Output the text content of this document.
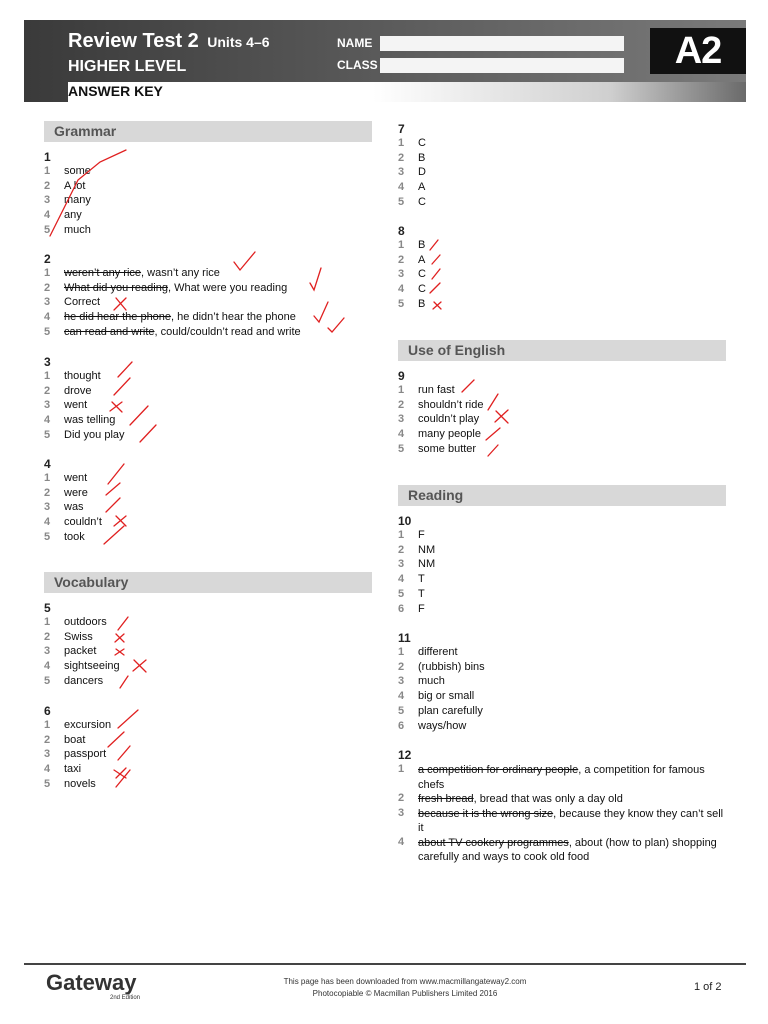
Review Test 2 Units 4–6
HIGHER LEVEL
NAME
CLASS	A2
ANSWER KEY
Grammar
Vocabulary
Use of English
Reading
1
1 some
2 A lot
3 many
4 any
5 much
2
1 weren’t any rice, wasn’t any rice
2 What did you reading, What were you reading
3 Correct
4 he did hear the phone, he didn’t hear the phone
5 can read and write, could/couldn’t read and write
3
1 thought
2 drove
3 went
4 was telling
5 Did you play
4
1 went
2 were
3 was
4 couldn’t
5 took
5
1 outdoors
2 Swiss
3 packet
4 sightseeing
5 dancers
6
1 excursion
2 boat
3 passport
4 taxi
5 novels
7
1 C
2 B
3 D
4 A
5 C
8
1 B
2 A
3 C
4 C
5 B
9
1 run fast
2 shouldn’t ride
3 couldn’t play
4 many people
5 some butter
10
1 F
2 NM
3 NM
4 T
5 T
6 F
11
1 different
2 (rubbish) bins
3 much
4 big or small
5 plan carefully
6 ways/how
12
1 a competition for ordinary people, a competition for famous chefs
2 fresh bread, bread that was only a day old
3 because it is the wrong size, because they know they can’t sell it
4 about TV cookery programmes, about (how to plan) shopping carefully and ways to cook old food
Gateway
2nd Edition
This page has been downloaded from www.macmillangateway2.com
Photocopiable © Macmillan Publishers Limited 2016
1 of 2
